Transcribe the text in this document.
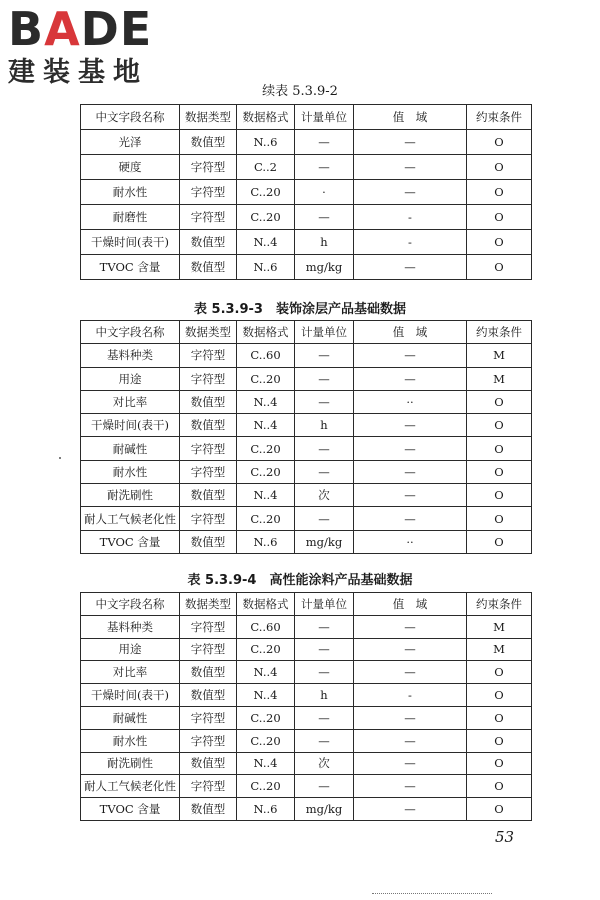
BADE
建装基地
续表 5.3.9-2
中文字段名称	数据类型	数据格式	计量单位	值　域	约束条件
光泽	数值型	N..6	—	—	O
硬度	字符型	C..2	—	—	O
耐水性	字符型	C..20	·	—	O
耐磨性	字符型	C..20	—	-	O
干燥时间(表干)	数值型	N..4	h	-	O
TVOC 含量	数值型	N..6	mg/kg	—	O
表 5.3.9-3　装饰涂层产品基础数据
中文字段名称	数据类型	数据格式	计量单位	值　域	约束条件
基料种类	字符型	C..60	—	—	M
用途	字符型	C..20	—	—	M
对比率	数值型	N..4	—	··	O
干燥时间(表干)	数值型	N..4	h	—	O
耐碱性	字符型	C..20	—	—	O
耐水性	字符型	C..20	—	—	O
耐洗刷性	数值型	N..4	次	—	O
耐人工气候老化性	字符型	C..20	—	—	O
TVOC 含量	数值型	N..6	mg/kg	··	O
表 5.3.9-4　高性能涂料产品基础数据
中文字段名称	数据类型	数据格式	计量单位	值　域	约束条件
基料种类	字符型	C..60	—	—	M
用途	字符型	C..20	—	—	M
对比率	数值型	N..4	—	—	O
干燥时间(表干)	数值型	N..4	h	-	O
耐碱性	字符型	C..20	—	—	O
耐水性	字符型	C..20	—	—	O
耐洗刷性	数值型	N..4	次	—	O
耐人工气候老化性	字符型	C..20	—	—	O
TVOC 含量	数值型	N..6	mg/kg	—	O
53
